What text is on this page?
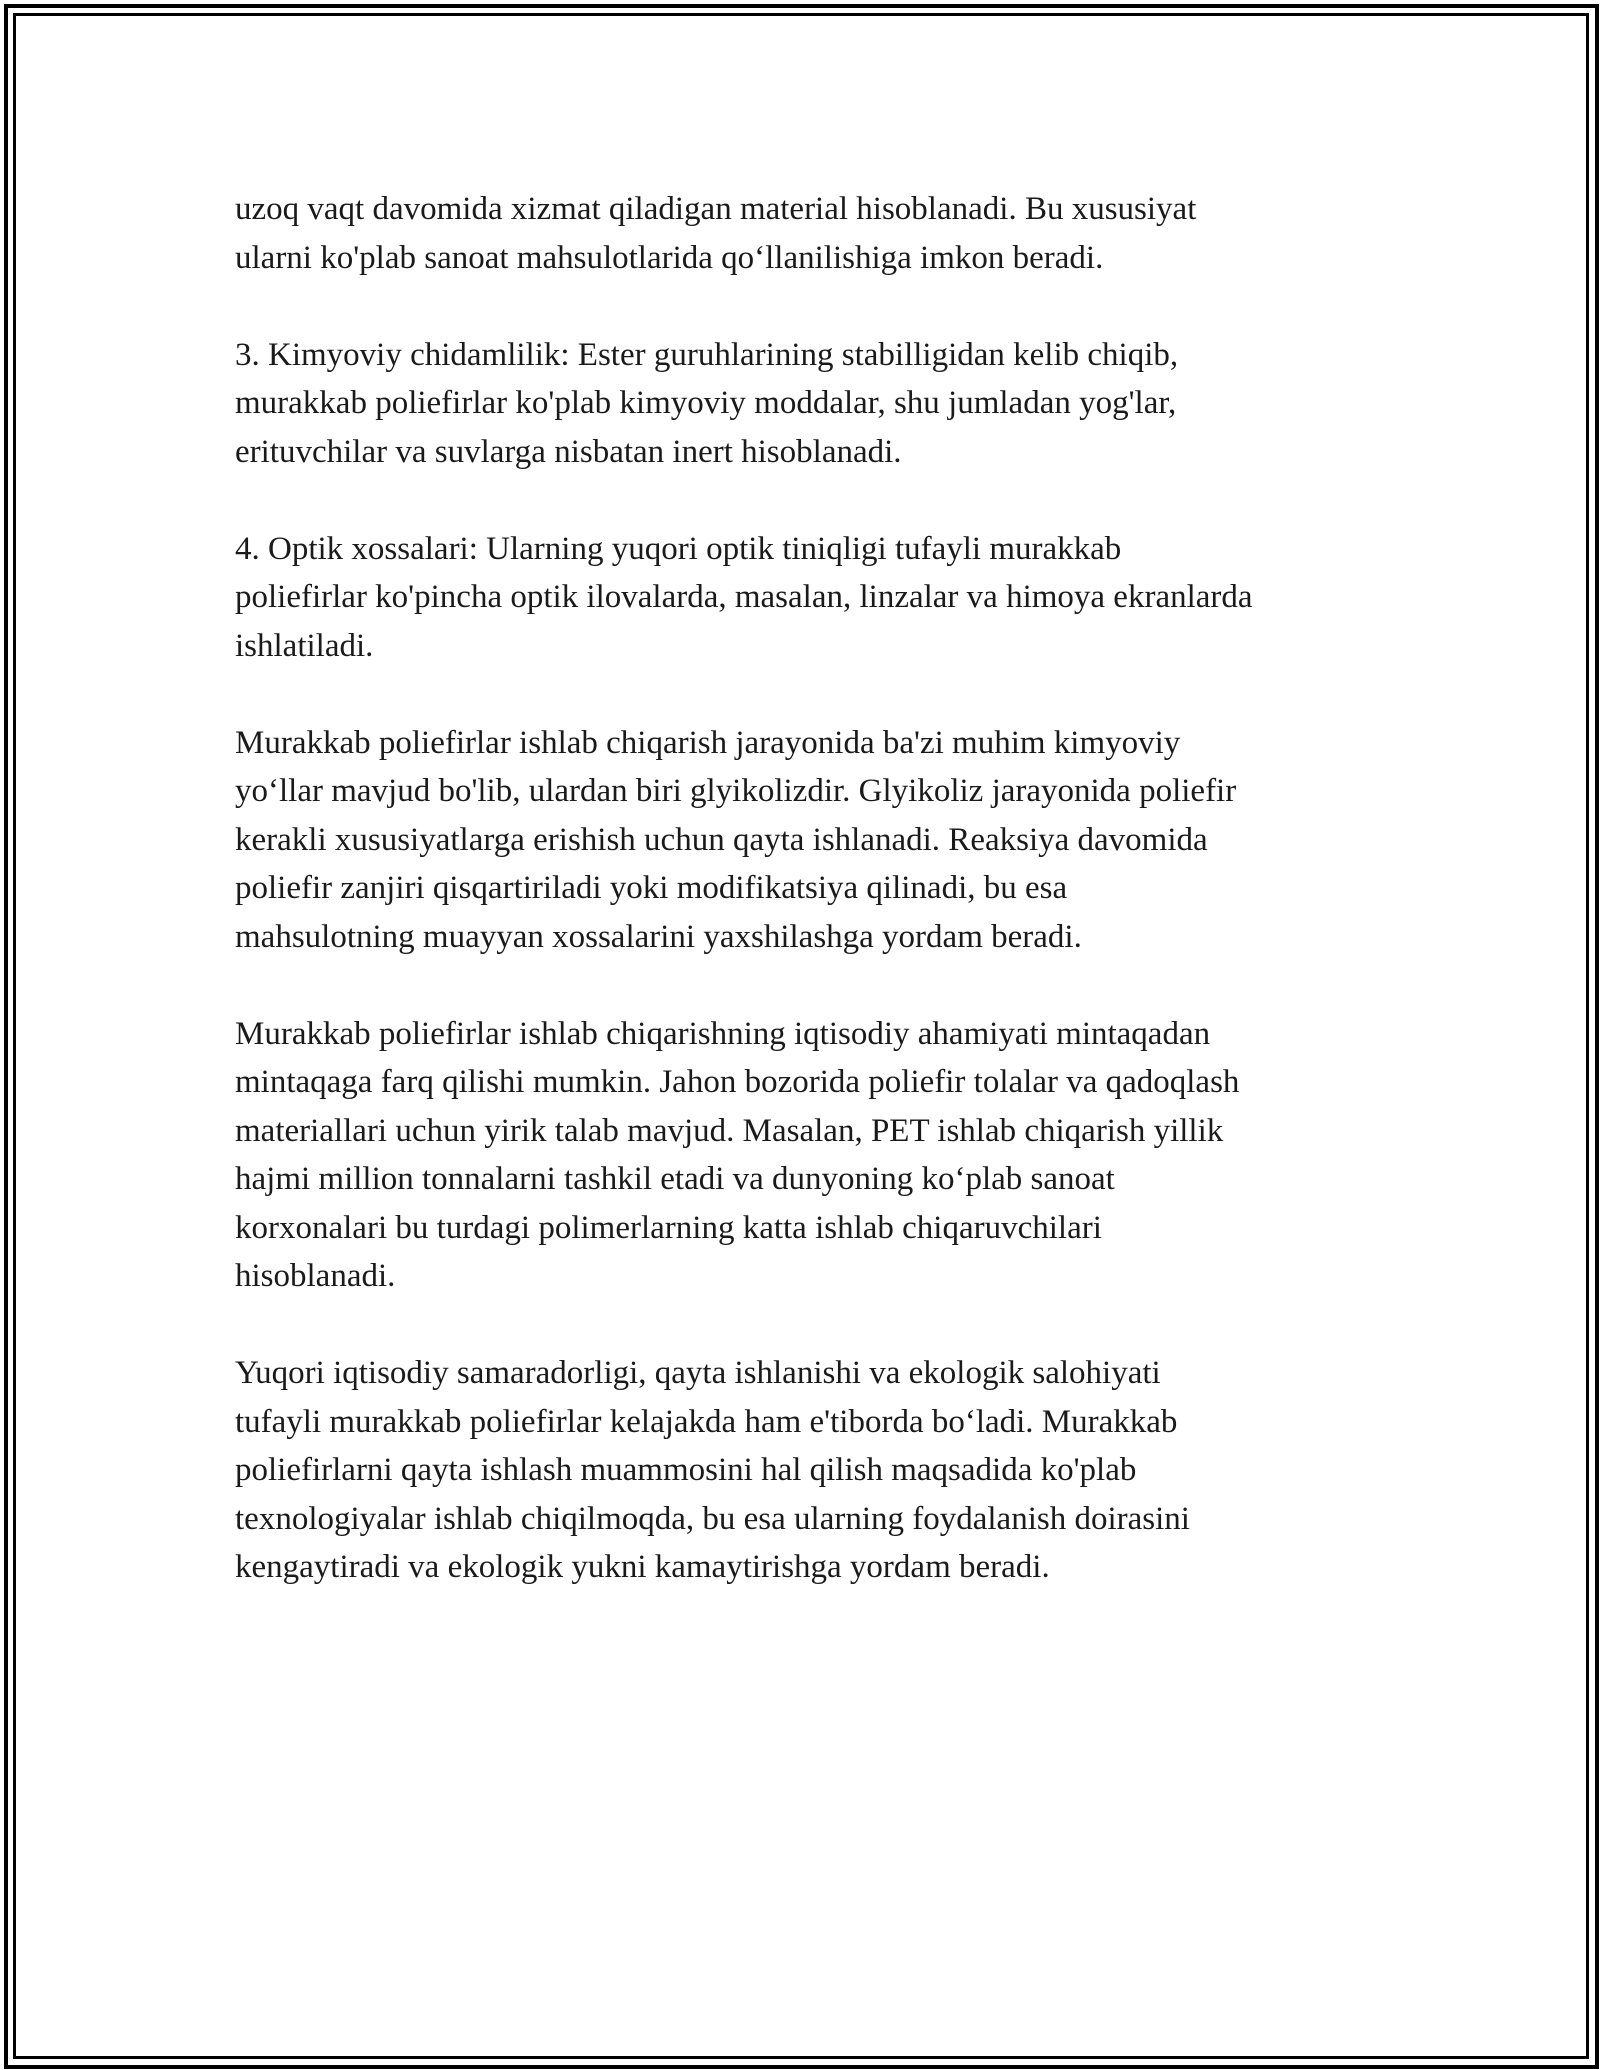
uzoq vaqt davomida xizmat qiladigan material hisoblanadi. Bu xususiyat
ularni ko'plab sanoat mahsulotlarida qo‘llanilishiga imkon beradi.

3. Kimyoviy chidamlilik: Ester guruhlarining stabilligidan kelib chiqib,
murakkab poliefirlar ko'plab kimyoviy moddalar, shu jumladan yog'lar,
erituvchilar va suvlarga nisbatan inert hisoblanadi.

4. Optik xossalari: Ularning yuqori optik tiniqligi tufayli murakkab
poliefirlar ko'pincha optik ilovalarda, masalan, linzalar va himoya ekranlarda
ishlatiladi.

Murakkab poliefirlar ishlab chiqarish jarayonida ba'zi muhim kimyoviy
yo‘llar mavjud bo'lib, ulardan biri glyikolizdir. Glyikoliz jarayonida poliefir
kerakli xususiyatlarga erishish uchun qayta ishlanadi. Reaksiya davomida
poliefir zanjiri qisqartiriladi yoki modifikatsiya qilinadi, bu esa
mahsulotning muayyan xossalarini yaxshilashga yordam beradi.

Murakkab poliefirlar ishlab chiqarishning iqtisodiy ahamiyati mintaqadan
mintaqaga farq qilishi mumkin. Jahon bozorida poliefir tolalar va qadoqlash
materiallari uchun yirik talab mavjud. Masalan, PET ishlab chiqarish yillik
hajmi million tonnalarni tashkil etadi va dunyoning ko‘plab sanoat
korxonalari bu turdagi polimerlarning katta ishlab chiqaruvchilari
hisoblanadi.

Yuqori iqtisodiy samaradorligi, qayta ishlanishi va ekologik salohiyati
tufayli murakkab poliefirlar kelajakda ham e'tiborda bo‘ladi. Murakkab
poliefirlarni qayta ishlash muammosini hal qilish maqsadida ko'plab
texnologiyalar ishlab chiqilmoqda, bu esa ularning foydalanish doirasini
kengaytiradi va ekologik yukni kamaytirishga yordam beradi.
